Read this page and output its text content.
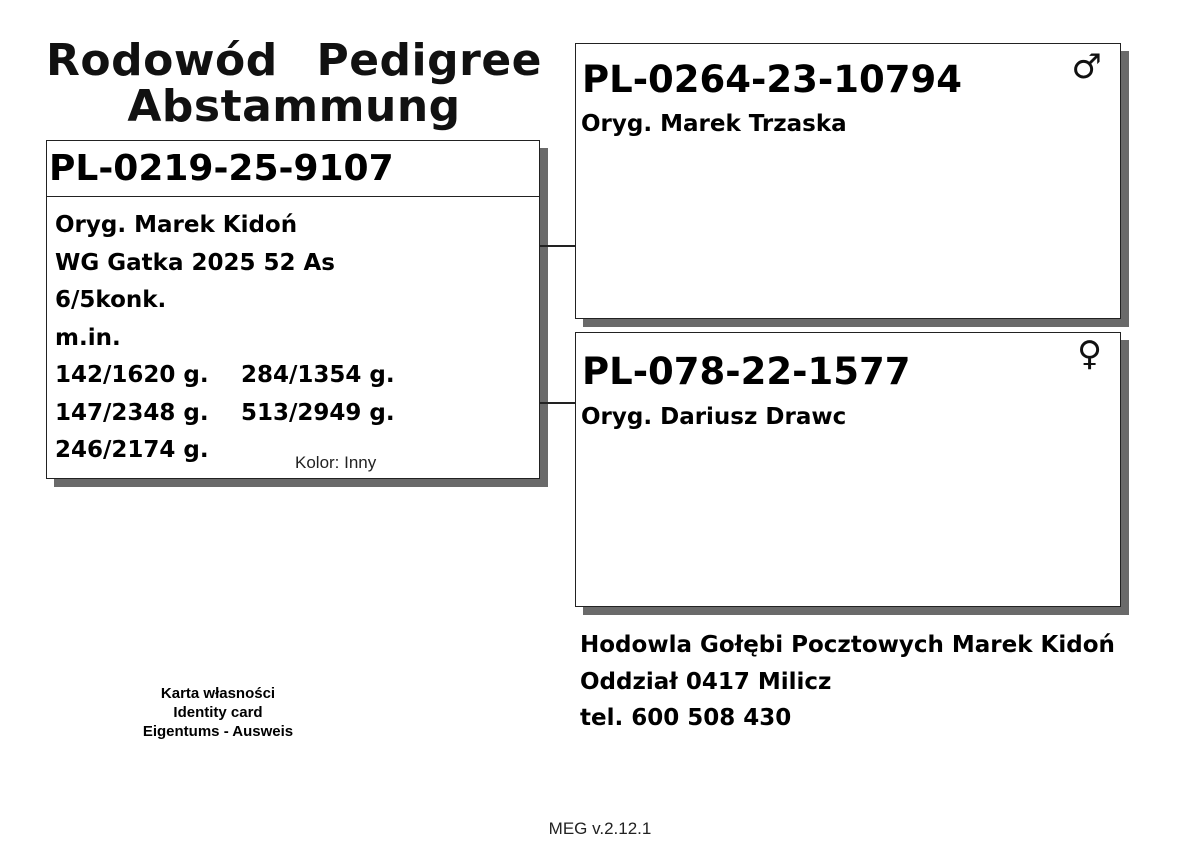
Rodowód Pedigree
Abstammung
PL-0219-25-9107
Oryg. Marek Kidoń
WG Gatka 2025 52 As
6/5konk.
m.in.
142/1620 g.	284/1354 g.
147/2348 g.	513/2949 g.
246/2174 g.	Kolor: Inny
PL-0264-23-10794
Oryg. Marek Trzaska
♂
PL-078-22-1577
Oryg. Dariusz Drawc
♀
Hodowla Gołębi Pocztowych Marek Kidoń
Oddział 0417 Milicz
tel. 600 508 430
Karta własności
Identity card
Eigentums - Ausweis
MEG v.2.12.1
